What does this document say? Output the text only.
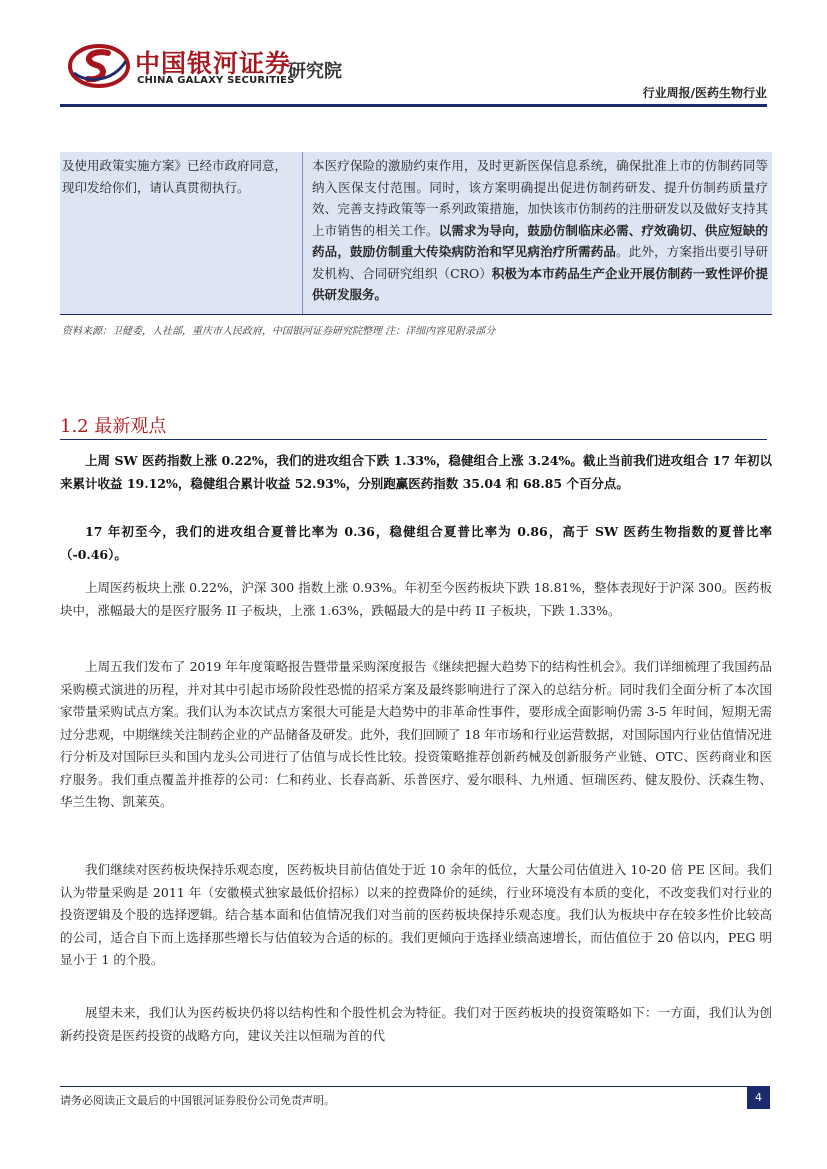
中国银河证券
CHINA GALAXY SECURITIES
研究院
行业周报/医药生物行业

及使用政策实施方案》已经市政府同意，现印发给你们，请认真贯彻执行。

本医疗保险的激励约束作用，及时更新医保信息系统，确保批准上市的仿制药同等纳入医保支付范围。同时，该方案明确提出促进仿制药研发、提升仿制药质量疗效、完善支持政策等一系列政策措施，加快该市仿制药的注册研发以及做好支持其上市销售的相关工作。以需求为导向，鼓励仿制临床必需、疗效确切、供应短缺的药品，鼓励仿制重大传染病防治和罕见病治疗所需药品。此外，方案指出要引导研发机构、合同研究组织（CRO）积极为本市药品生产企业开展仿制药一致性评价提供研发服务。

资料来源：卫健委，人社部，重庆市人民政府，中国银河证券研究院整理 注：详细内容见附录部分
1.2 最新观点

上周 SW 医药指数上涨 0.22%，我们的进攻组合下跌 1.33%，稳健组合上涨 3.24%。截止当前我们进攻组合 17 年初以来累计收益 19.12%，稳健组合累计收益 52.93%，分别跑赢医药指数 35.04 和 68.85 个百分点。

17 年初至今，我们的进攻组合夏普比率为 0.36，稳健组合夏普比率为 0.86，高于 SW 医药生物指数的夏普比率（-0.46）。

上周医药板块上涨 0.22%，沪深 300 指数上涨 0.93%。年初至今医药板块下跌 18.81%，整体表现好于沪深 300。医药板块中，涨幅最大的是医疗服务 II 子板块，上涨 1.63%，跌幅最大的是中药 II 子板块，下跌 1.33%。

上周五我们发布了 2019 年年度策略报告暨带量采购深度报告《继续把握大趋势下的结构性机会》。我们详细梳理了我国药品采购模式演进的历程，并对其中引起市场阶段性恐慌的招采方案及最终影响进行了深入的总结分析。同时我们全面分析了本次国家带量采购试点方案。我们认为本次试点方案很大可能是大趋势中的非革命性事件，要形成全面影响仍需 3-5 年时间，短期无需过分悲观，中期继续关注制药企业的产品储备及研发。此外，我们回顾了 18 年市场和行业运营数据，对国际国内行业估值情况进行分析及对国际巨头和国内龙头公司进行了估值与成长性比较。投资策略推荐创新药械及创新服务产业链、OTC、医药商业和医疗服务。我们重点覆盖并推荐的公司：仁和药业、长春高新、乐普医疗、爱尔眼科、九州通、恒瑞医药、健友股份、沃森生物、华兰生物、凯莱英。

我们继续对医药板块保持乐观态度，医药板块目前估值处于近 10 余年的低位，大量公司估值进入 10-20 倍 PE 区间。我们认为带量采购是 2011 年（安徽模式独家最低价招标）以来的控费降价的延续，行业环境没有本质的变化，不改变我们对行业的投资逻辑及个股的选择逻辑。结合基本面和估值情况我们对当前的医药板块保持乐观态度。我们认为板块中存在较多性价比较高的公司，适合自下而上选择那些增长与估值较为合适的标的。我们更倾向于选择业绩高速增长，而估值位于 20 倍以内，PEG 明显小于 1 的个股。

展望未来，我们认为医药板块仍将以结构性和个股性机会为特征。我们对于医药板块的投资策略如下：一方面，我们认为创新药投资是医药投资的战略方向，建议关注以恒瑞为首的代

请务必阅读正文最后的中国银河证券股份公司免责声明。	4
